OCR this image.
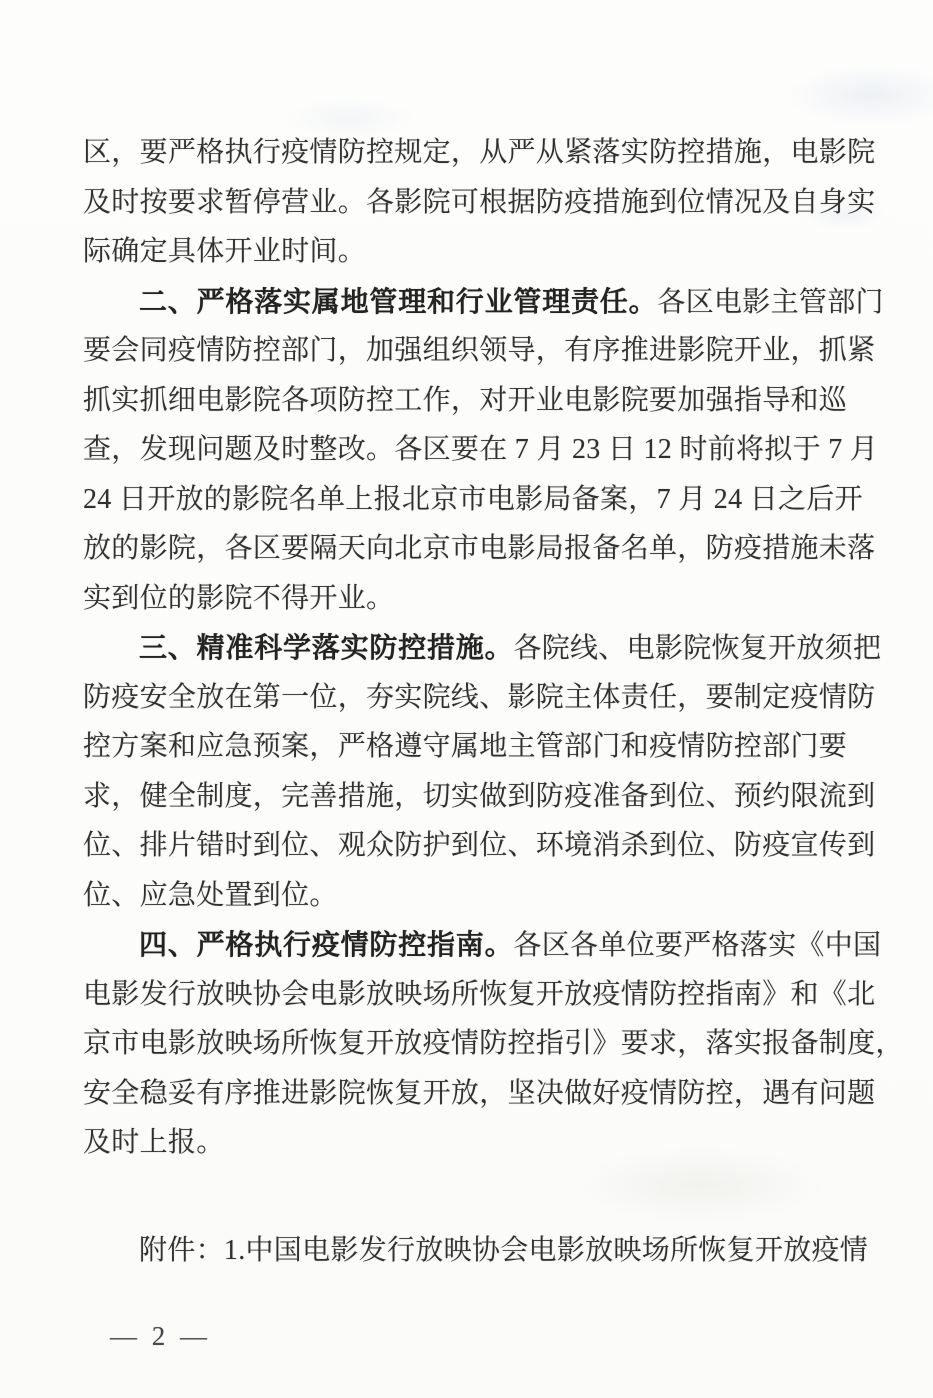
区，要严格执行疫情防控规定，从严从紧落实防控措施，电影院
及时按要求暂停营业。各影院可根据防疫措施到位情况及自身实
际确定具体开业时间。
二、严格落实属地管理和行业管理责任。各区电影主管部门
要会同疫情防控部门，加强组织领导，有序推进影院开业，抓紧
抓实抓细电影院各项防控工作，对开业电影院要加强指导和巡
查，发现问题及时整改。各区要在 7 月 23 日 12 时前将拟于 7 月
24 日开放的影院名单上报北京市电影局备案，7 月 24 日之后开
放的影院，各区要隔天向北京市电影局报备名单，防疫措施未落
实到位的影院不得开业。
三、精准科学落实防控措施。各院线、电影院恢复开放须把
防疫安全放在第一位，夯实院线、影院主体责任，要制定疫情防
控方案和应急预案，严格遵守属地主管部门和疫情防控部门要
求，健全制度，完善措施，切实做到防疫准备到位、预约限流到
位、排片错时到位、观众防护到位、环境消杀到位、防疫宣传到
位、应急处置到位。
四、严格执行疫情防控指南。各区各单位要严格落实《中国
电影发行放映协会电影放映场所恢复开放疫情防控指南》和《北
京市电影放映场所恢复开放疫情防控指引》要求，落实报备制度，
安全稳妥有序推进影院恢复开放，坚决做好疫情防控，遇有问题
及时上报。
附件：1.中国电影发行放映协会电影放映场所恢复开放疫情
— 2 —
